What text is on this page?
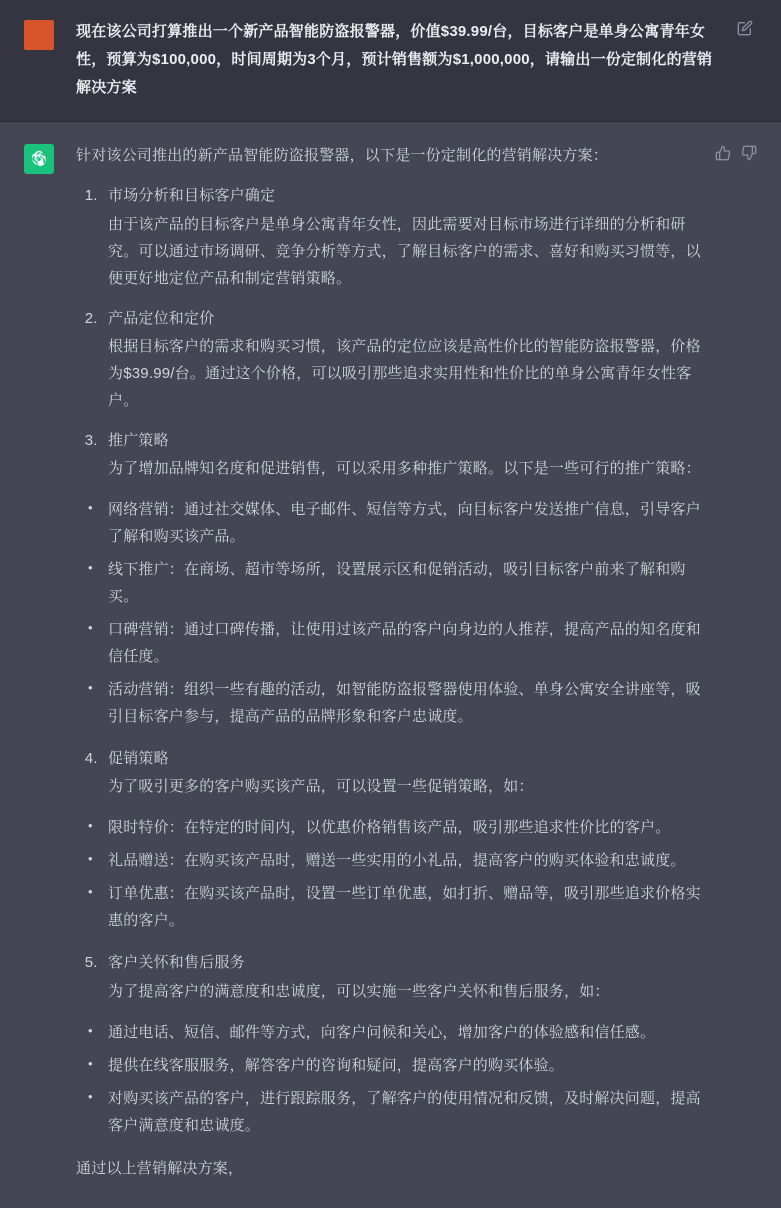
现在该公司打算推出一个新产品智能防盗报警器，价值$39.99/台，目标客户是单身公寓青年女性，预算为$100,000，时间周期为3个月，预计销售额为$1,000,000，请输出一份定制化的营销解决方案

针对该公司推出的新产品智能防盗报警器，以下是一份定制化的营销解决方案：

1. 市场分析和目标客户确定
由于该产品的目标客户是单身公寓青年女性，因此需要对目标市场进行详细的分析和研究。可以通过市场调研、竞争分析等方式，了解目标客户的需求、喜好和购买习惯等，以便更好地定位产品和制定营销策略。
2. 产品定位和定价
根据目标客户的需求和购买习惯，该产品的定位应该是高性价比的智能防盗报警器，价格为$39.99/台。通过这个价格，可以吸引那些追求实用性和性价比的单身公寓青年女性客户。
3. 推广策略
为了增加品牌知名度和促进销售，可以采用多种推广策略。以下是一些可行的推广策略：
• 网络营销：通过社交媒体、电子邮件、短信等方式，向目标客户发送推广信息，引导客户了解和购买该产品。
• 线下推广：在商场、超市等场所，设置展示区和促销活动，吸引目标客户前来了解和购买。
• 口碑营销：通过口碑传播，让使用过该产品的客户向身边的人推荐，提高产品的知名度和信任度。
• 活动营销：组织一些有趣的活动，如智能防盗报警器使用体验、单身公寓安全讲座等，吸引目标客户参与，提高产品的品牌形象和客户忠诚度。
4. 促销策略
为了吸引更多的客户购买该产品，可以设置一些促销策略，如：
• 限时特价：在特定的时间内，以优惠价格销售该产品，吸引那些追求性价比的客户。
• 礼品赠送：在购买该产品时，赠送一些实用的小礼品，提高客户的购买体验和忠诚度。
• 订单优惠：在购买该产品时，设置一些订单优惠，如打折、赠品等，吸引那些追求价格实惠的客户。
5. 客户关怀和售后服务
为了提高客户的满意度和忠诚度，可以实施一些客户关怀和售后服务，如：
• 通过电话、短信、邮件等方式，向客户问候和关心，增加客户的体验感和信任感。
• 提供在线客服服务，解答客户的咨询和疑问，提高客户的购买体验。
• 对购买该产品的客户，进行跟踪服务，了解客户的使用情况和反馈，及时解决问题，提高客户满意度和忠诚度。

通过以上营销解决方案，
